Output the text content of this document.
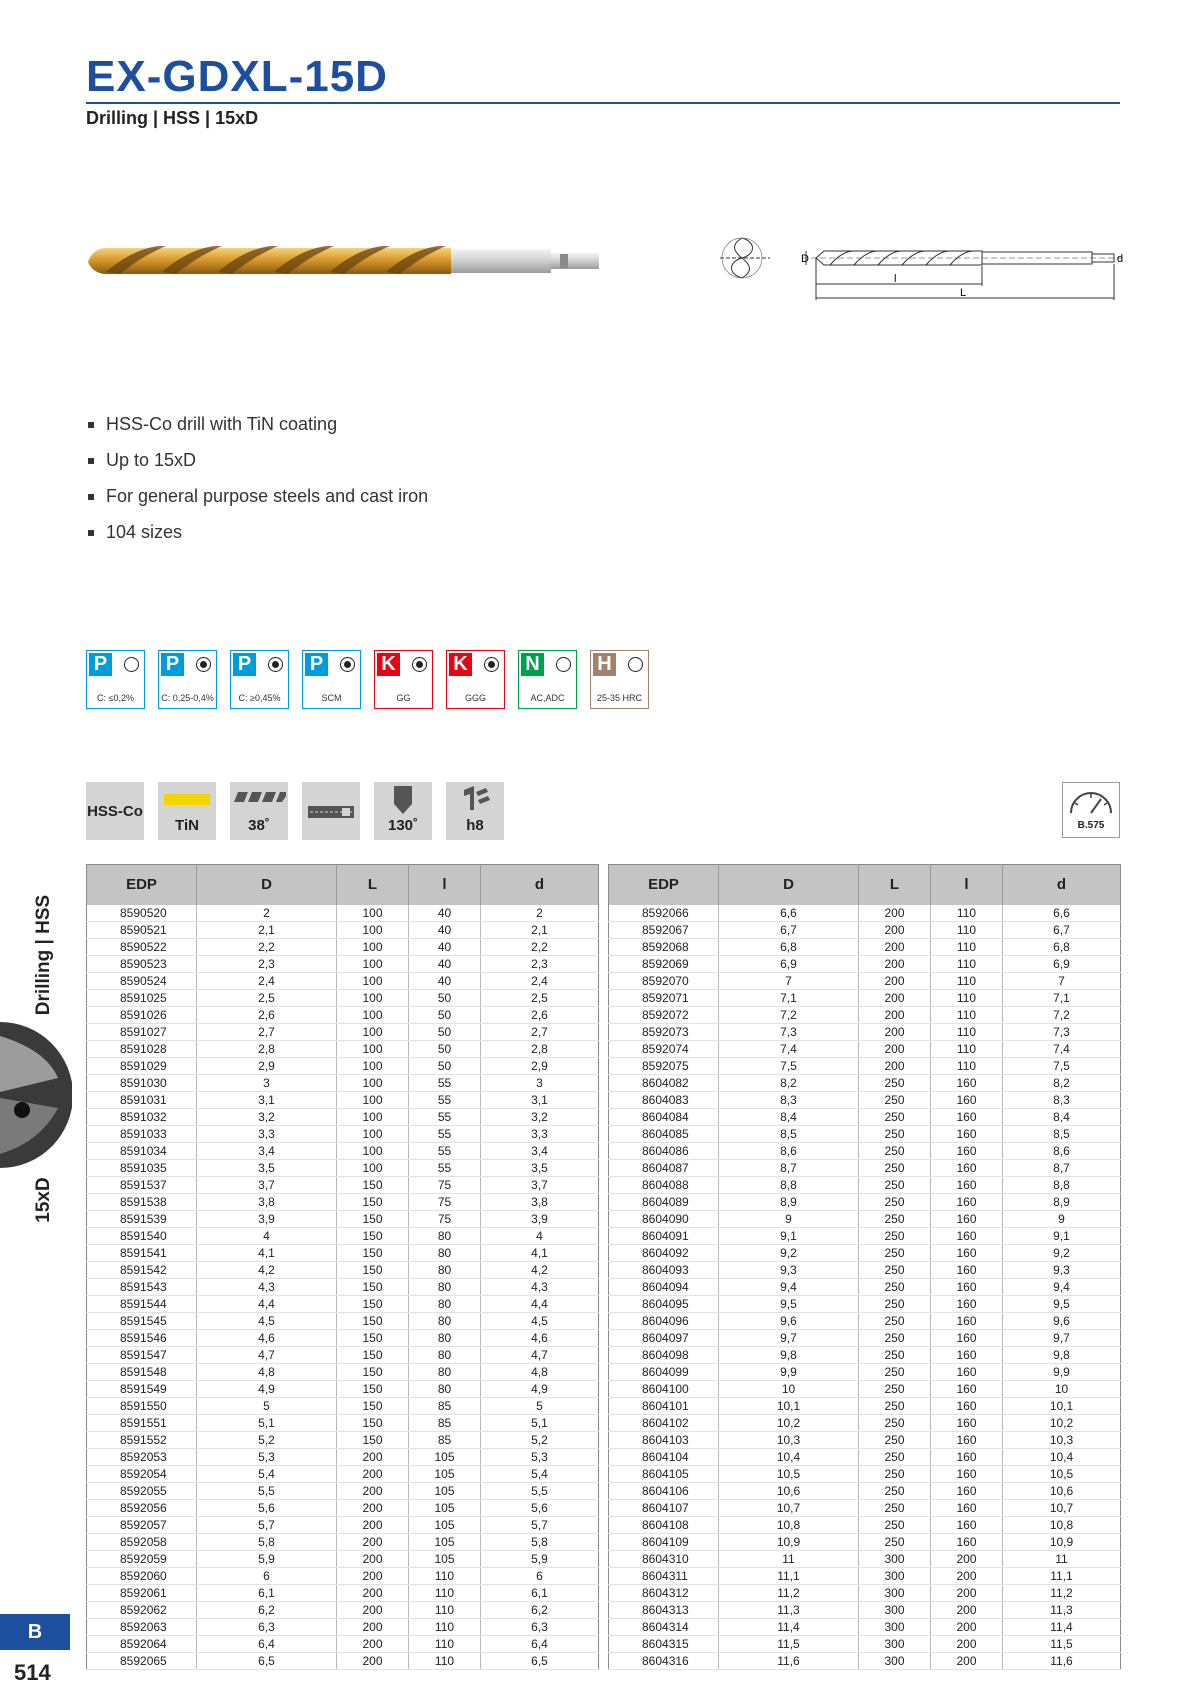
EX-GDXL-15D
Drilling | HSS | 15xD
l
L
D	d
HSS-Co drill with TiN coating
Up to 15xD
For general purpose steels and cast iron
104 sizes
P
C: ≤0,2%
P
C: 0,25-0,4%
P
C: ≥0,45%
P
SCM
K
GG
K
GGG
N
AC,ADC
H
25-35 HRC
HSS-Co
TiN	38˚	130˚	h8	B.575
Drilling | HSS
15xD
B
514
EDP	D	L	l	d
8590520	2	100	40	2
8590521	2,1	100	40	2,1
8590522	2,2	100	40	2,2
8590523	2,3	100	40	2,3
8590524	2,4	100	40	2,4
8591025	2,5	100	50	2,5
8591026	2,6	100	50	2,6
8591027	2,7	100	50	2,7
8591028	2,8	100	50	2,8
8591029	2,9	100	50	2,9
8591030	3	100	55	3
8591031	3,1	100	55	3,1
8591032	3,2	100	55	3,2
8591033	3,3	100	55	3,3
8591034	3,4	100	55	3,4
8591035	3,5	100	55	3,5
8591537	3,7	150	75	3,7
8591538	3,8	150	75	3,8
8591539	3,9	150	75	3,9
8591540	4	150	80	4
8591541	4,1	150	80	4,1
8591542	4,2	150	80	4,2
8591543	4,3	150	80	4,3
8591544	4,4	150	80	4,4
8591545	4,5	150	80	4,5
8591546	4,6	150	80	4,6
8591547	4,7	150	80	4,7
8591548	4,8	150	80	4,8
8591549	4,9	150	80	4,9
8591550	5	150	85	5
8591551	5,1	150	85	5,1
8591552	5,2	150	85	5,2
8592053	5,3	200	105	5,3
8592054	5,4	200	105	5,4
8592055	5,5	200	105	5,5
8592056	5,6	200	105	5,6
8592057	5,7	200	105	5,7
8592058	5,8	200	105	5,8
8592059	5,9	200	105	5,9
8592060	6	200	110	6
8592061	6,1	200	110	6,1
8592062	6,2	200	110	6,2
8592063	6,3	200	110	6,3
8592064	6,4	200	110	6,4
8592065	6,5	200	110	6,5
EDP	D	L	l	d
8592066	6,6	200	110	6,6
8592067	6,7	200	110	6,7
8592068	6,8	200	110	6,8
8592069	6,9	200	110	6,9
8592070	7	200	110	7
8592071	7,1	200	110	7,1
8592072	7,2	200	110	7,2
8592073	7,3	200	110	7,3
8592074	7,4	200	110	7,4
8592075	7,5	200	110	7,5
8604082	8,2	250	160	8,2
8604083	8,3	250	160	8,3
8604084	8,4	250	160	8,4
8604085	8,5	250	160	8,5
8604086	8,6	250	160	8,6
8604087	8,7	250	160	8,7
8604088	8,8	250	160	8,8
8604089	8,9	250	160	8,9
8604090	9	250	160	9
8604091	9,1	250	160	9,1
8604092	9,2	250	160	9,2
8604093	9,3	250	160	9,3
8604094	9,4	250	160	9,4
8604095	9,5	250	160	9,5
8604096	9,6	250	160	9,6
8604097	9,7	250	160	9,7
8604098	9,8	250	160	9,8
8604099	9,9	250	160	9,9
8604100	10	250	160	10
8604101	10,1	250	160	10,1
8604102	10,2	250	160	10,2
8604103	10,3	250	160	10,3
8604104	10,4	250	160	10,4
8604105	10,5	250	160	10,5
8604106	10,6	250	160	10,6
8604107	10,7	250	160	10,7
8604108	10,8	250	160	10,8
8604109	10,9	250	160	10,9
8604310	11	300	200	11
8604311	11,1	300	200	11,1
8604312	11,2	300	200	11,2
8604313	11,3	300	200	11,3
8604314	11,4	300	200	11,4
8604315	11,5	300	200	11,5
8604316	11,6	300	200	11,6
